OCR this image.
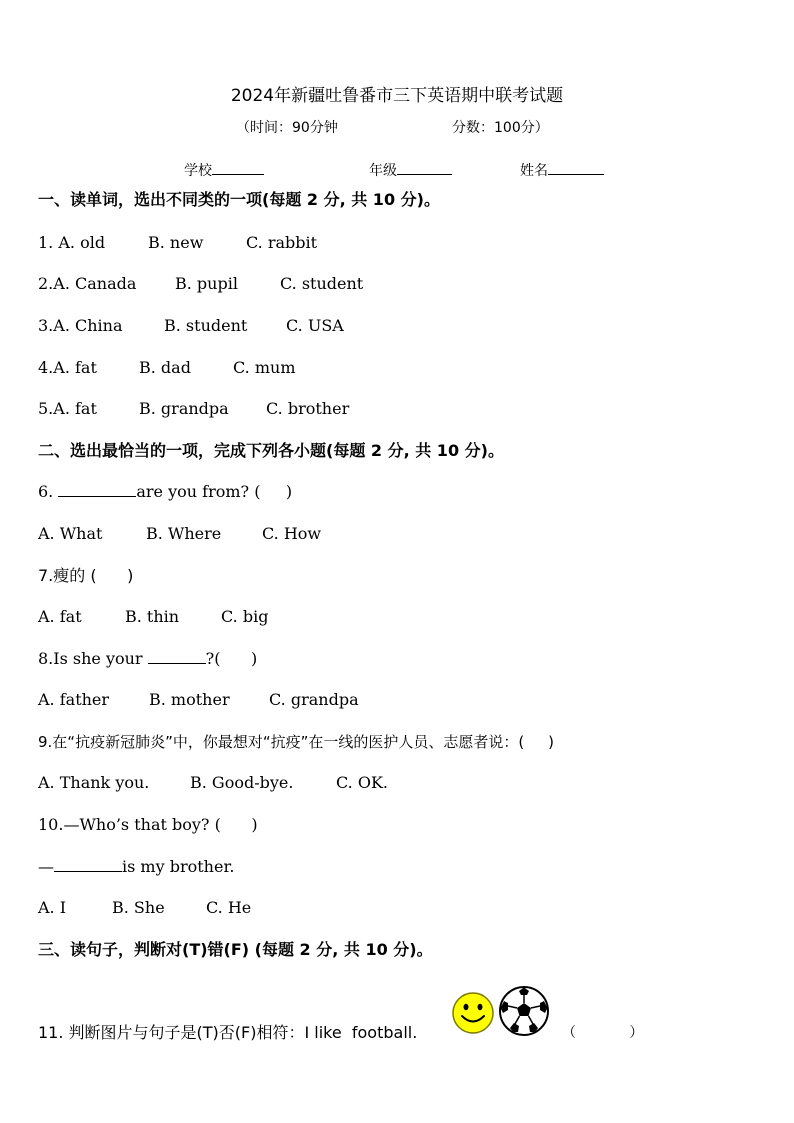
2024年新疆吐鲁番市三下英语期中联考试题
（时间：90分钟	分数：100分）
学校	年级	姓名
一、读单词，选出不同类的一项(每题 2 分, 共 10 分)。
1. A. old	B. new	C. rabbit
2.A. Canada B. pupil	C. student
3.A. China	B. student C. USA
4.A. fat	B. dad	C. mum
5.A. fat	B. grandpa C. brother
二、选出最恰当的一项，完成下列各小题(每题 2 分, 共 10 分)。
6.	are you from? (     )
A. What	B. Where	C. How
7.瘦的 (      )
A. fat	B. thin	C. big
8.Is she your	?(      )
A. father B. mother C. grandpa
9.在“抗疫新冠肺炎”中，你最想对“抗疫”在一线的医护人员、志愿者说：(     )
A. Thank you.	B. Good-bye.	C. OK.
10.—Who’s that boy? (      )
—	is my brother.
A. I	B. She	C. He
三、读句子，判断对(T)错(F) (每题 2 分, 共 10 分)。
11. 判断图片与句子是(T)否(F)相符：I like  football.	（            ）
